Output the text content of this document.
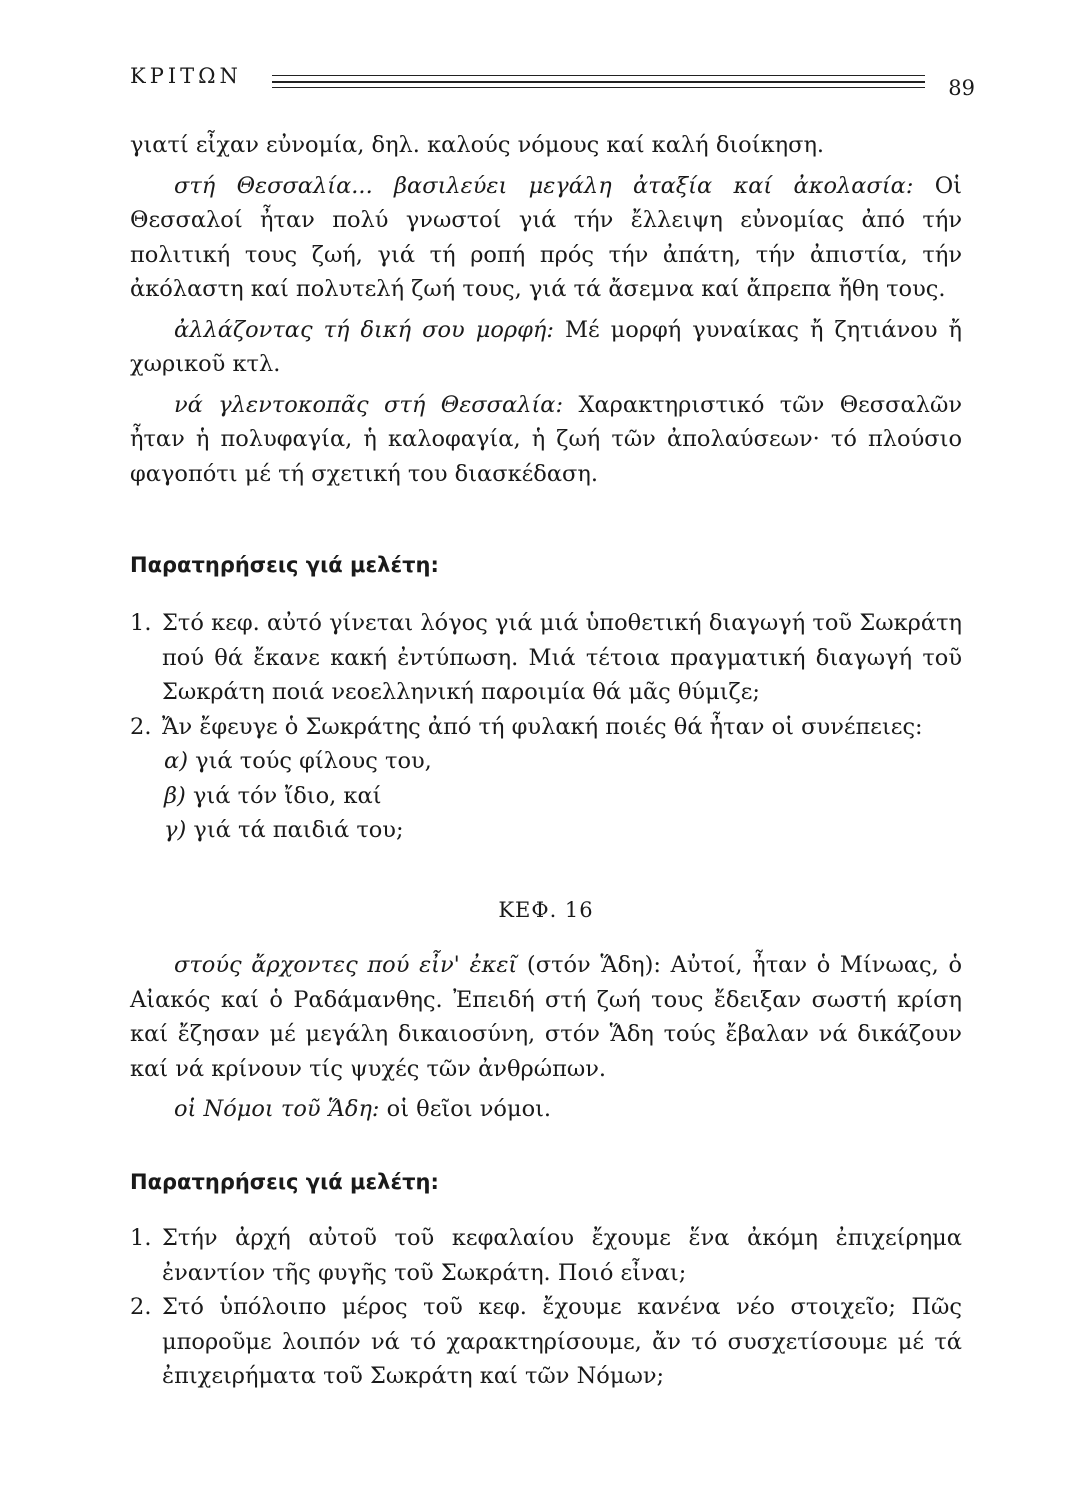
ΚΡΙΤΩΝ	89

γιατί εἶχαν εὐνομία, δηλ. καλούς νόμους καί καλή διοίκηση.

στή Θεσσαλία... βασιλεύει μεγάλη ἀταξία καί ἀκολασία: Οἱ Θεσσαλοί ἦταν πολύ γνωστοί γιά τήν ἔλλειψη εὐνομίας ἀπό τήν πολιτική τους ζωή, γιά τή ροπή πρός τήν ἀπάτη, τήν ἀπιστία, τήν ἀκόλαστη καί πολυτελή ζωή τους, γιά τά ἄσεμνα καί ἄπρεπα ἤθη τους.

ἀλλάζοντας τή δική σου μορφή: Μέ μορφή γυναίκας ἤ ζητιάνου ἤ χωρικοῦ κτλ.

νά γλεντοκοπᾶς στή Θεσσαλία: Χαρακτηριστικό τῶν Θεσσαλῶν ἦταν ἡ πολυφαγία, ἡ καλοφαγία, ἡ ζωή τῶν ἀπολαύσεων· τό πλούσιο φαγοπότι μέ τή σχετική του διασκέδαση.

Παρατηρήσεις γιά μελέτη:
1. Στό κεφ. αὐτό γίνεται λόγος γιά μιά ὑποθετική διαγωγή τοῦ Σωκράτη πού θά ἔκανε κακή ἐντύπωση. Μιά τέτοια πραγματική διαγωγή τοῦ Σωκράτη ποιά νεοελληνική παροιμία θά μᾶς θύμιζε;
2. Ἄν ἔφευγε ὁ Σωκράτης ἀπό τή φυλακή ποιές θά ἦταν οἱ συνέπειες:
α) γιά τούς φίλους του,
β) γιά τόν ἴδιο, καί
γ) γιά τά παιδιά του;
ΚΕΦ. 16

στούς ἄρχοντες πού εἶν' ἐκεῖ (στόν Ἅδη): Αὐτοί, ἦταν ὁ Μίνωας, ὁ Αἰακός καί ὁ Ραδάμανθης. Ἐπειδή στή ζωή τους ἔδειξαν σωστή κρίση καί ἔζησαν μέ μεγάλη δικαιοσύνη, στόν Ἅδη τούς ἔβαλαν νά δικάζουν καί νά κρίνουν τίς ψυχές τῶν ἀνθρώπων.

οἱ Νόμοι τοῦ Ἅδη: οἱ θεῖοι νόμοι.

Παρατηρήσεις γιά μελέτη:
1. Στήν ἀρχή αὐτοῦ τοῦ κεφαλαίου ἔχουμε ἕνα ἀκόμη ἐπιχείρημα ἐναντίον τῆς φυγῆς τοῦ Σωκράτη. Ποιό εἶναι;
2. Στό ὑπόλοιπο μέρος τοῦ κεφ. ἔχουμε κανένα νέο στοιχεῖο; Πῶς μποροῦμε λοιπόν νά τό χαρακτηρίσουμε, ἄν τό συσχετίσουμε μέ τά ἐπιχειρήματα τοῦ Σωκράτη καί τῶν Νόμων;
